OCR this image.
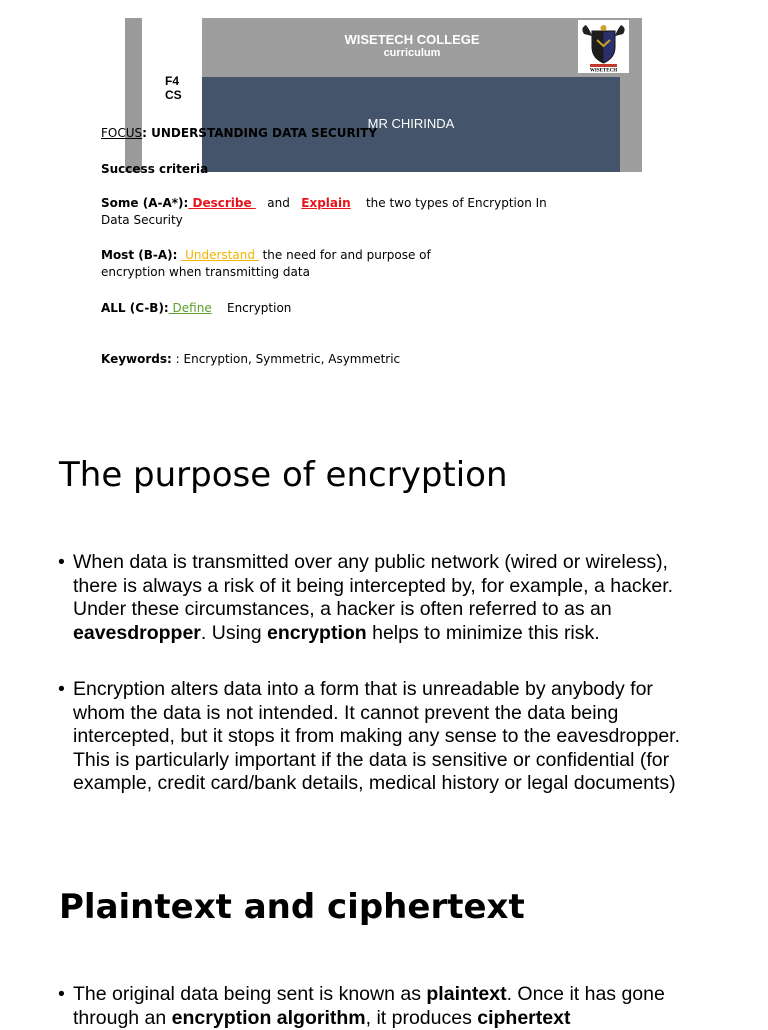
WISETECH COLLEGE
curriculum
MR CHIRINDA
WISETECH
F4
CS
FOCUS: UNDERSTANDING DATA SECURITY
Success criteria
Some (A-A*): Describe    and Explain the two types of Encryption In Data Security
Most (B-A):  Understand  the need for and purpose of encryption when transmitting data
ALL (C-B): Define Encryption
Keywords: : Encryption, Symmetric, Asymmetric
The purpose of encryption
• When data is transmitted over any public network (wired or wireless), there is always a risk of it being intercepted by, for example, a hacker. Under these circumstances, a hacker is often referred to as an eavesdropper. Using encryption helps to minimize this risk.
• Encryption alters data into a form that is unreadable by anybody for whom the data is not intended. It cannot prevent the data being intercepted, but it stops it from making any sense to the eavesdropper. This is particularly important if the data is sensitive or confidential (for example, credit card/bank details, medical history or legal documents)
Plaintext and ciphertext
• The original data being sent is known as plaintext. Once it has gone through an encryption algorithm, it produces ciphertext
